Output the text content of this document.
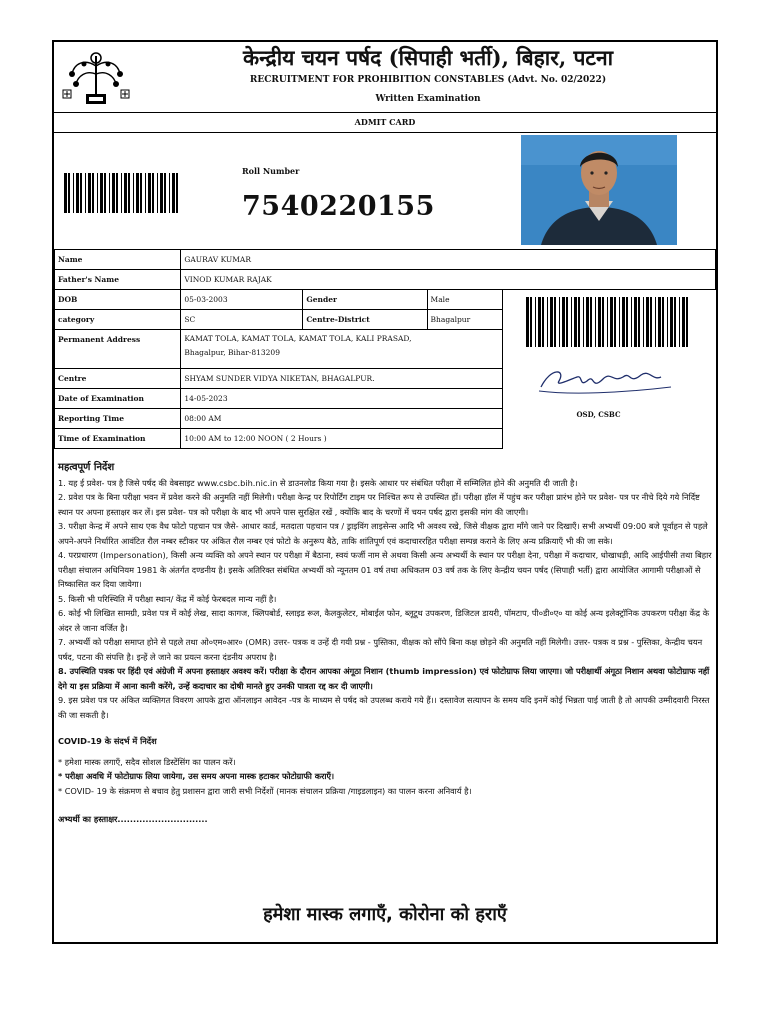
केन्द्रीय चयन पर्षद (सिपाही भर्ती), बिहार, पटना
RECRUITMENT FOR PROHIBITION CONSTABLES (Advt. No. 02/2022)
Written Examination
ADMIT CARD
Roll Number
7540220155
Name	GAURAV KUMAR			
Father's Name	VINOD KUMAR RAJAK			
DOB	05-03-2003	Gender	Male	
category	SC	Centre-District	Bhagalpur	
Permanent Address	KAMAT TOLA, KAMAT TOLA, KAMAT TOLA, KALI PRASAD,
Bhagalpur, Bihar-813209			

Centre	SHYAM SUNDER VIDYA NIKETAN, BHAGALPUR.			
Date of Examination	14-05-2023			
Reporting Time	08:00 AM			
Time of Examination	10:00 AM to 12:00 NOON ( 2 Hours )			
OSD, CSBC

महत्वपूर्ण निर्देश

1. यह ई प्रवेश- पत्र है जिसे पर्षद की वेबसाइट www.csbc.bih.nic.in से डाउनलोड किया गया है। इसके आधार पर संबंधित परीक्षा में सम्मिलित होने की अनुमति दी जाती है।

2. प्रवेश पत्र के बिना परीक्षा भवन में प्रवेश करने की अनुमति नहीं मिलेगी। परीक्षा केन्द्र पर रिपोर्टिंग टाइम पर निश्चित रूप से उपस्थित हों। परीक्षा हॉल में पहुंच कर परीक्षा प्रारंभ होने पर प्रवेश- पत्र पर नीचे दिये गये निर्दिष्ट स्थान पर अपना हस्ताक्षर कर लें। इस प्रवेश- पत्र को परीक्षा के बाद भी अपने पास सुरक्षित रखें , क्योंकि बाद के चरणों में चयन पर्षद द्वारा इसकी मांग की जाएगी।

3. परीक्षा केन्द्र में अपने साथ एक वैध फोटो पहचान पत्र जैसे- आधार कार्ड, मतदाता पहचान पत्र / ड्राइविंग लाइसेन्स आदि भी अवश्य रखे, जिसे वीक्षक द्वारा माँगे जाने पर दिखाएँ। सभी अभ्यर्थी 09:00 बजे पूर्वाहन से पहले अपने-अपने निर्धारित आवंटित रौल नम्बर स्टीकर पर अंकित रौल नम्बर एवं फोटो के अनुरूप बैठे, ताकि शांतिपूर्ण एवं कदाचाररहित परीक्षा सम्पन्न कराने के लिए अन्य प्रक्रियाएँ भी की जा सके।

4. परप्रधारण (Impersonation), किसी अन्य व्यक्ति को अपने स्थान पर परीक्षा में बैठाना, स्वयं फर्जी नाम से अथवा किसी अन्य अभ्यर्थी के स्थान पर परीक्षा देना, परीक्षा में कदाचार, धोखाधड़ी, आदि आईपीसी तथा बिहार परीक्षा संचालन अधिनियम 1981 के अंतर्गत दण्डनीय है। इसके अतिरिक्त संबंधित अभ्यर्थी को न्यूनतम 01 वर्ष तथा अधिकतम 03 वर्ष तक के लिए केन्द्रीय चयन पर्षद (सिपाही भर्ती) द्वारा आयोजित आगामी परीक्षाओं से निष्कासित कर दिया जायेगा।

5. किसी भी परिस्थिति में परीक्षा स्थान/ केंद्र में कोई फेरबदल मान्य नहीं है।

6. कोई भी लिखित सामग्री, प्रवेश पत्र में कोई लेख, सादा कागज, क्लिपबोर्ड, स्लाइड रूल, कैलकुलेटर, मोबाईल फोन, ब्लूटूथ उपकरण, डिजिटल डायरी, पॉमटाप, पी०डी०ए० या कोई अन्य इलेक्ट्रॉनिक उपकरण परीक्षा केंद्र के अंदर ले जाना वर्जित है।

7. अभ्यर्थी को परीक्षा समाप्त होने से पहले तथा ओ०एम०आर० (OMR) उत्तर- पत्रक व उन्हें दी गयी प्रश्न - पुस्तिका, वीक्षक को सौंपे बिना कक्ष छोड़ने की अनुमति नहीं मिलेगी। उत्तर- पत्रक व प्रश्न - पुस्तिका, केन्द्रीय चयन पर्षद, पटना की संपत्ति है। इन्हें ले जाने का प्रयत्न करना दंडनीय अपराध है।

8. उपस्थिति पत्रक पर हिंदी एवं अंग्रेजी में अपना हस्ताक्षर अवश्य करें। परीक्षा के दौरान आपका अंगूठा निशान (thumb impression) एवं फोटोग्राफ लिया जाएगा। जो परीक्षार्थी अंगूठा निशान अथवा फोटोग्राफ नहीं देगे या इस प्रक्रिया में आना कानी करेंगे, उन्हें कदाचार का दोषी मानते हुए उनकी पात्रता रद्द कर दी जाएगी।

9. इस प्रवेश पत्र पर अंकित व्यक्तिगत विवरण आपके द्वारा ऑनलाइन आवेदन -पत्र के माध्यम से पर्षद को उपलब्ध कराये गये हैं।। दस्तावेज सत्यापन के समय यदि इनमें कोई भिन्नता पाई जाती है तो आपकी उम्मीदवारी निरस्त की जा सकती है।

COVID-19 के संदर्भ में निर्देश

* हमेशा मास्क लगाएँ, सदैव सोशल डिस्टेंसिंग का पालन करें।

* परीक्षा अवधि में फोटोग्राफ लिया जायेगा, उस समय अपना मास्क हटाकर फोटोग्राफी कराएँ।

* COVID- 19 के संक्रमण से बचाव हेतु प्रशासन द्वारा जारी सभी निर्देशों (मानक संचालन प्रक्रिया /गाइडलाइन) का पालन करना अनिवार्य है।

अभ्यर्थी का हस्ताक्षर.............................

हमेशा मास्क लगाएँ, कोरोना को हराएँ
